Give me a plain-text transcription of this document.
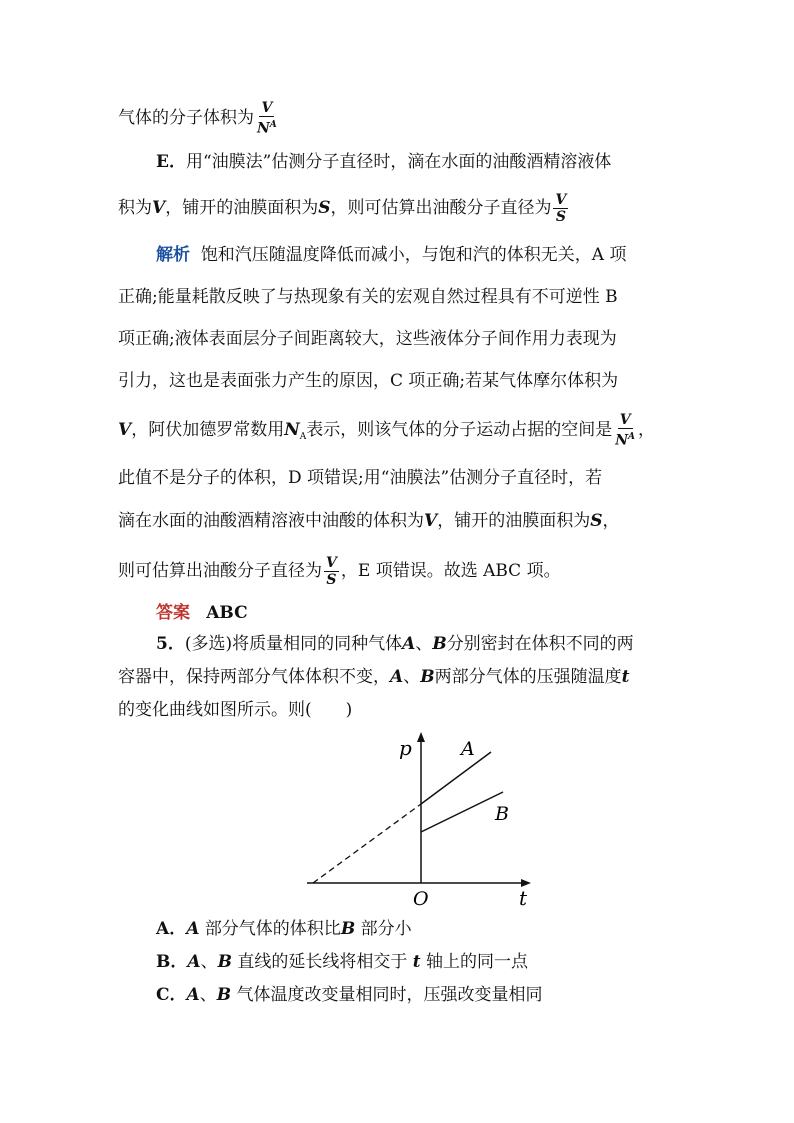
气体的分子体积为 $\frac{V}{N^A}$
E．用“油膜法”估测分子直径时，滴在水面的油酸酒精溶液体
积为V，铺开的油膜面积为S，则可估算出油酸分子直径为 $\frac{V}{S}$
解析 饱和汽压随温度降低而减小，与饱和汽的体积无关，A 项
正确;能量耗散反映了与热现象有关的宏观自然过程具有不可逆性 B
项正确;液体表面层分子间距离较大，这些液体分子间作用力表现为
引力，这也是表面张力产生的原因，C 项正确;若某气体摩尔体积为
V，阿伏加德罗常数用$N_A$表示，则该气体的分子运动占据的空间是 $\frac{V}{N^A}$ ，
此值不是分子的体积，D 项错误;用“油膜法”估测分子直径时，若
滴在水面的油酸酒精溶液中油酸的体积为V，铺开的油膜面积为S，
则可估算出油酸分子直径为 $\frac{V}{S}$ ，E 项错误。故选 ABC 项。
答案 ABC
5．(多选)将质量相同的同种气体A、B分别密封在体积不同的两
容器中，保持两部分气体体积不变，A、B两部分气体的压强随温度t
的变化曲线如图所示。则(　　)
p
t
O
A
B
A．A 部分气体的体积比B 部分小
B．A、B 直线的延长线将相交于 t 轴上的同一点
C．A、B 气体温度改变量相同时，压强改变量相同
